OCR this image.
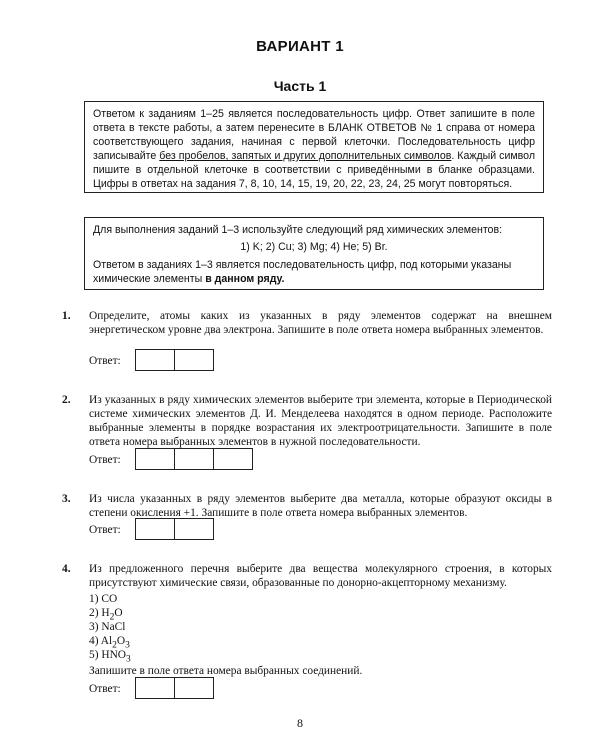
ВАРИАНТ 1
Часть 1
Ответом к заданиям 1–25 является последовательность цифр. Ответ запишите в поле ответа в тексте работы, а затем перенесите в БЛАНК ОТВЕТОВ № 1 справа от номера соответствующего задания, начиная с первой клеточки. Последовательность цифр записывайте без пробелов, запятых и других дополнительных символов. Каждый символ пишите в отдельной клеточке в соответствии с приведёнными в бланке образцами. Цифры в ответах на задания 7, 8, 10, 14, 15, 19, 20, 22, 23, 24, 25 могут повторяться.
Для выполнения заданий 1–3 используйте следующий ряд химических элементов:
1) K; 2) Cu; 3) Mg; 4) He; 5) Br.
Ответом в заданиях 1–3 является последовательность цифр, под которыми указаны химические элементы в данном ряду.
1. Определите, атомы каких из указанных в ряду элементов содержат на внешнем энергетическом уровне два электрона. Запишите в поле ответа номера выбранных элементов.
Ответ:
2. Из указанных в ряду химических элементов выберите три элемента, которые в Периодической системе химических элементов Д. И. Менделеева находятся в одном периоде. Расположите выбранные элементы в порядке возрастания их электроотрицательности. Запишите в поле ответа номера выбранных элементов в нужной последовательности.
Ответ:
3. Из числа указанных в ряду элементов выберите два металла, которые образуют оксиды в степени окисления +1. Запишите в поле ответа номера выбранных элементов.
Ответ:
4. Из предложенного перечня выберите два вещества молекулярного строения, в которых присутствуют химические связи, образованные по донорно-акцепторному механизму.
1) CO
2) $H_2O$
3) NaCl
4) $Al_2O_3$
5) $HNO_3$
Запишите в поле ответа номера выбранных соединений.
Ответ:
8
